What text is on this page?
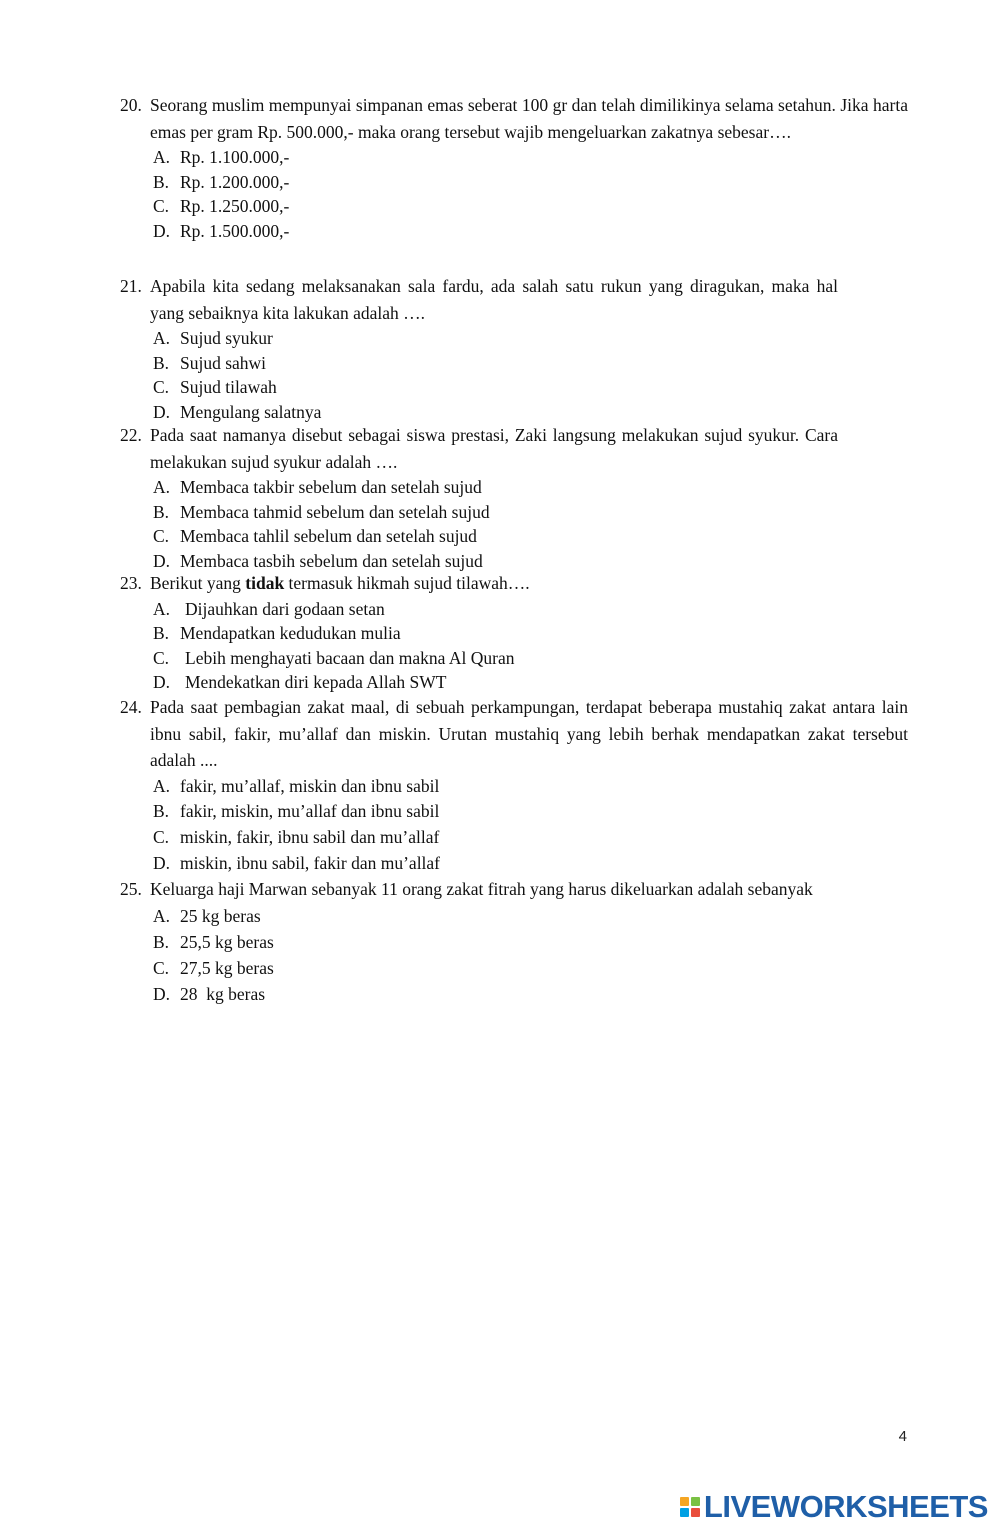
20. Seorang muslim mempunyai simpanan emas seberat 100 gr dan telah dimilikinya selama setahun. Jika harta emas per gram Rp. 500.000,- maka orang tersebut wajib mengeluarkan zakatnya sebesar….
A. Rp. 1.100.000,-
B. Rp. 1.200.000,-
C. Rp. 1.250.000,-
D. Rp. 1.500.000,-
21. Apabila kita sedang melaksanakan sala fardu, ada salah satu rukun yang diragukan, maka hal yang sebaiknya kita lakukan adalah ….
A. Sujud syukur
B. Sujud sahwi
C. Sujud tilawah
D. Mengulang salatnya
22. Pada saat namanya disebut sebagai siswa prestasi, Zaki langsung melakukan sujud syukur. Cara melakukan sujud syukur adalah ….
A. Membaca takbir sebelum dan setelah sujud
B. Membaca tahmid sebelum dan setelah sujud
C. Membaca tahlil sebelum dan setelah sujud
D. Membaca tasbih sebelum dan setelah sujud
23. Berikut yang tidak termasuk hikmah sujud tilawah….
A. Dijauhkan dari godaan setan
B. Mendapatkan kedudukan mulia
C. Lebih menghayati bacaan dan makna Al Quran
D. Mendekatkan diri kepada Allah SWT
24. Pada saat pembagian zakat maal, di sebuah perkampungan, terdapat beberapa mustahiq zakat antara lain ibnu sabil, fakir, mu’allaf dan miskin. Urutan mustahiq yang lebih berhak mendapatkan zakat tersebut adalah ....
A. fakir, mu’allaf, miskin dan ibnu sabil
B. fakir, miskin, mu’allaf dan ibnu sabil
C. miskin, fakir, ibnu sabil dan mu’allaf
D. miskin, ibnu sabil, fakir dan mu’allaf
25. Keluarga haji Marwan sebanyak 11 orang zakat fitrah yang harus dikeluarkan adalah sebanyak
A. 25 kg beras
B. 25,5 kg beras
C. 27,5 kg beras
D. 28  kg beras
4
LIVEWORKSHEETS
